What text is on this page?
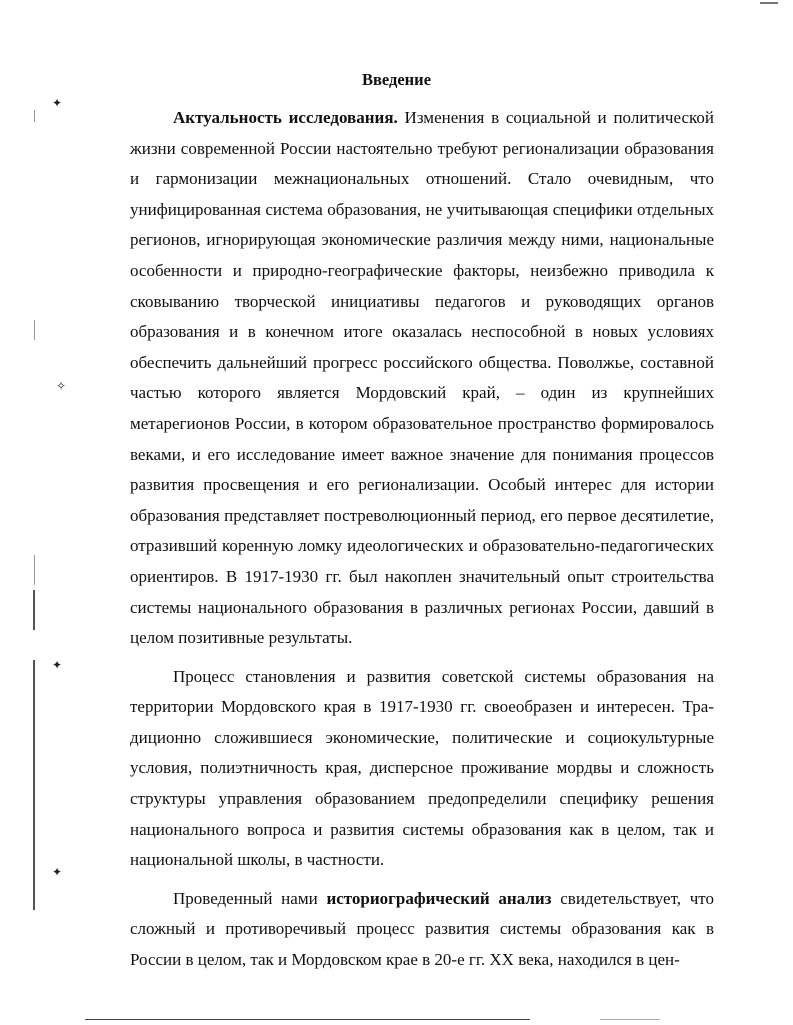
✦
✧
✦
✦
Введение

Актуальность исследования. Изменения в социальной и политической жизни современной России настоятельно требуют регионализации образования и гармонизации межнациональных отношений. Стало очевидным, что унифицированная система образования, не учитывающая специфики отдельных регионов, игнорирующая экономические различия между ними, национальные особенности и природно-географические факторы, неизбежно приводила к сковыванию творческой инициативы педагогов и руководящих органов образования и в конечном итоге оказалась неспособной в новых условиях обеспечить дальнейший прогресс российского общества. Поволжье, составной частью которого является Мордовский край, – один из крупнейших метарегионов России, в котором образовательное пространство формировалось веками, и его исследование имеет важное значение для понимания процессов развития просвещения и его регионализации. Особый интерес для истории образования представляет постреволюционный период, его первое десятилетие, отразивший коренную ломку идеологических и образовательно-педагогических ориентиров. В 1917-1930 гг. был накоплен значительный опыт строительства системы национального образования в различных регионах России, давший в целом позитивные результаты.

Процесс становления и развития советской системы образования на территории Мордовского края в 1917-1930 гг. своеобразен и интересен. Традиционно сложившиеся экономические, политические и социокультурные условия, полиэтничность края, дисперсное проживание мордвы и сложность структуры управления образованием предопределили специфику решения национального вопроса и развития системы образования как в целом, так и национальной школы, в частности.

Проведенный нами историографический анализ свидетельствует, что сложный и противоречивый процесс развития системы образования как в России в целом, так и Мордовском крае в 20-е гг. XX века, находился в цен-
